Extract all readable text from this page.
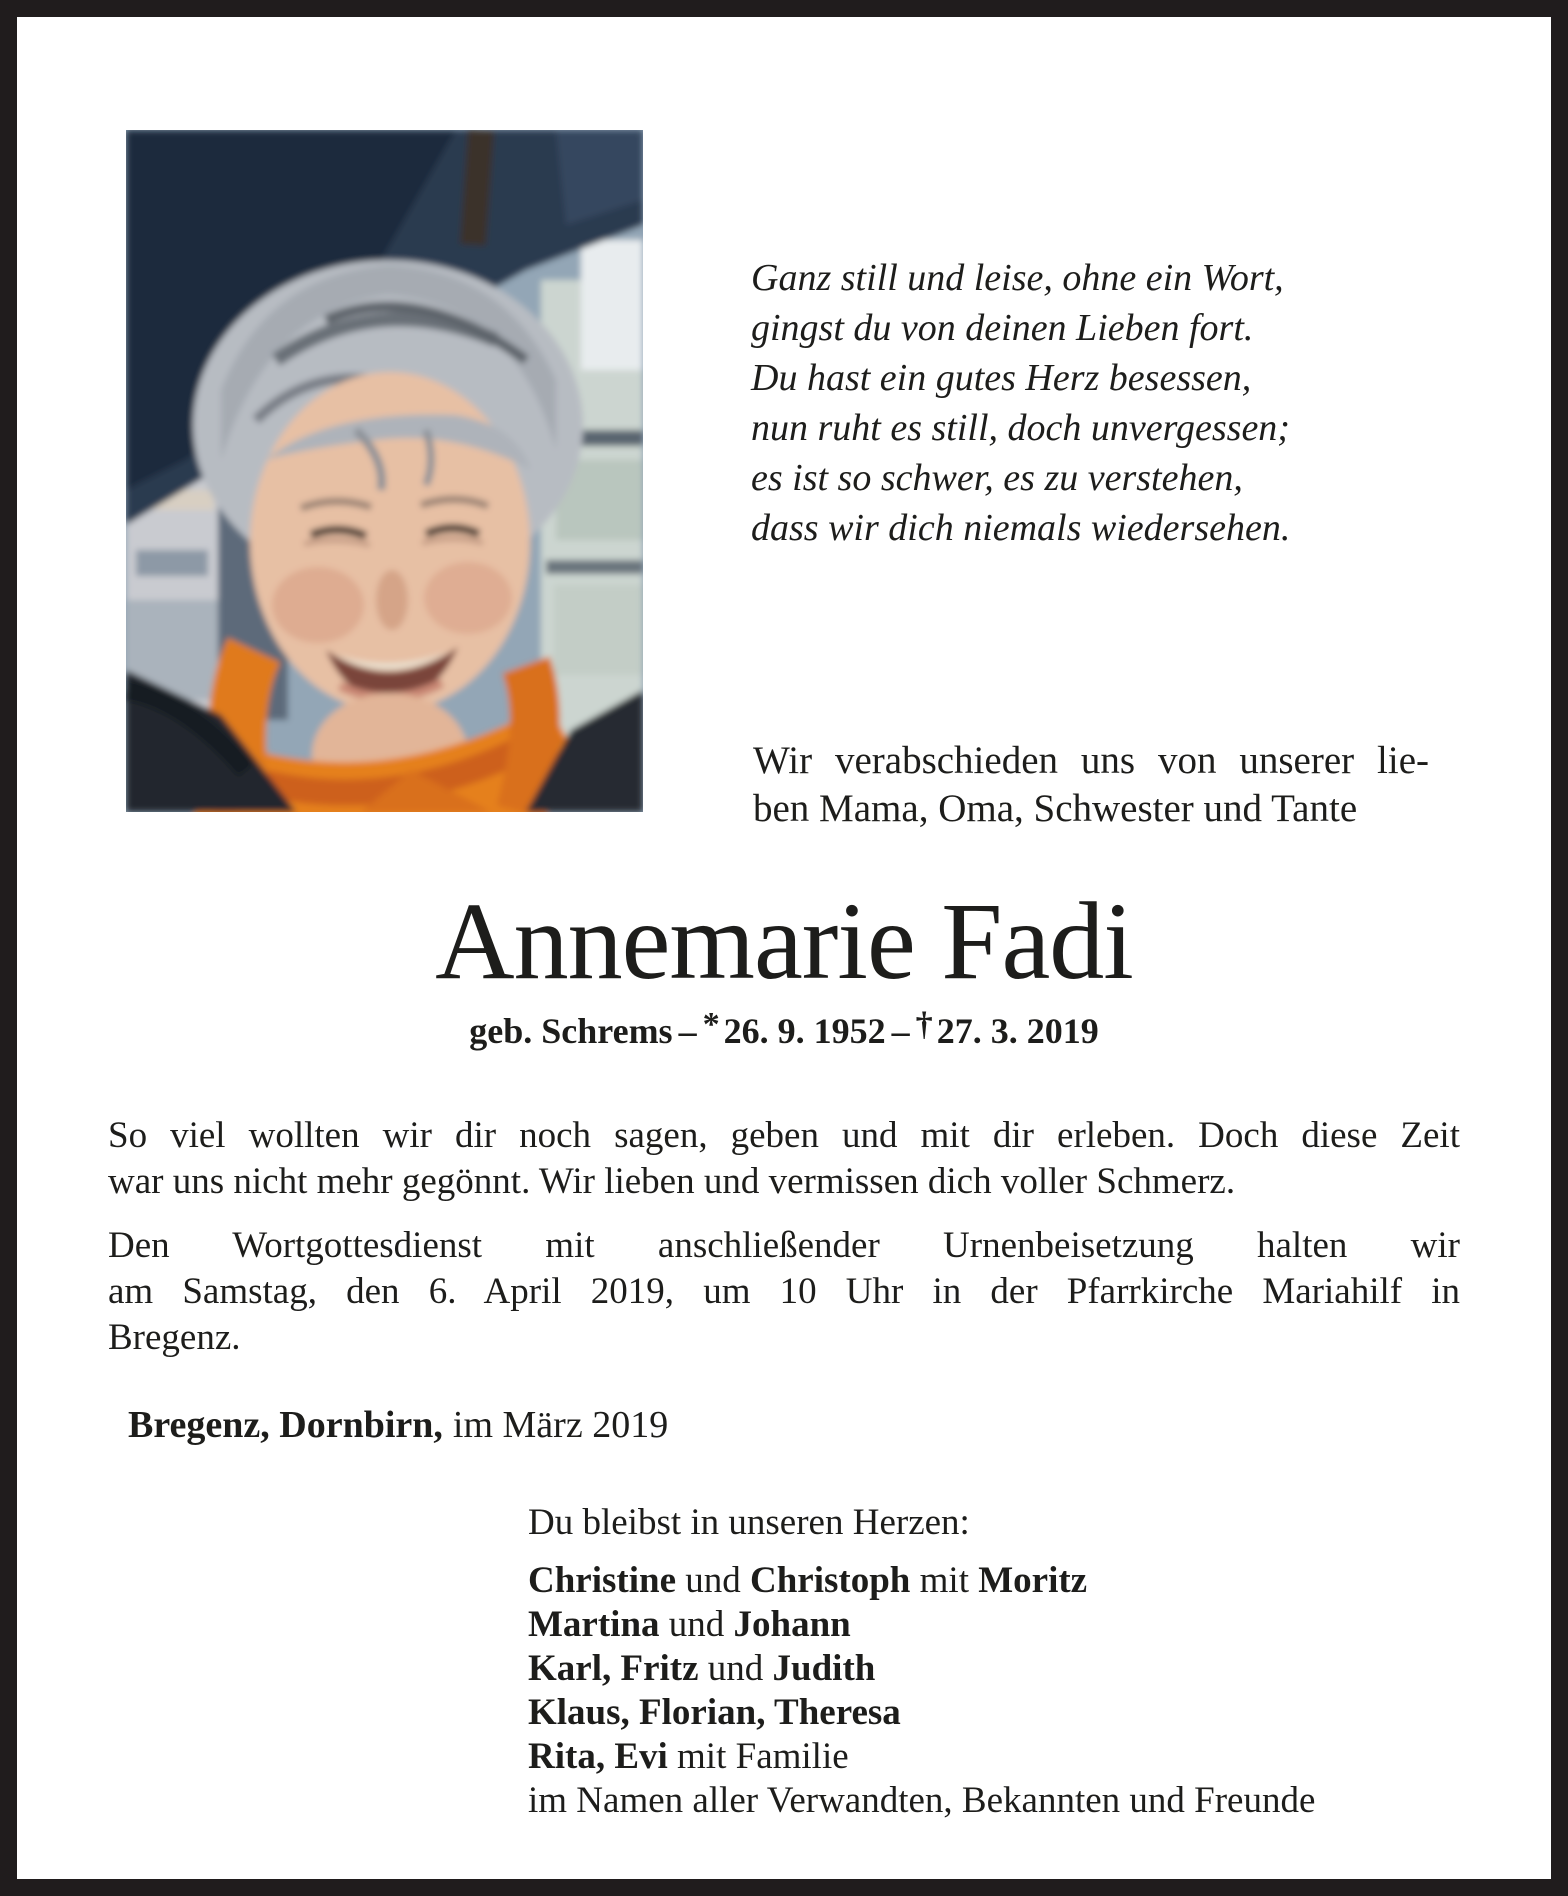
Ganz still und leise, ohne ein Wort,
gingst du von deinen Lieben fort.
Du hast ein gutes Herz besessen,
nun ruht es still, doch unvergessen;
es ist so schwer, es zu verstehen,
dass wir dich niemals wiedersehen.
Wir verabschieden uns von unserer lie-
ben Mama, Oma, Schwester und Tante
Annemarie Fadi
geb. Schrems – * 26. 9. 1952 – † 27. 3. 2019
So viel wollten wir dir noch sagen, geben und mit dir erleben. Doch diese Zeit
war uns nicht mehr gegönnt. Wir lieben und vermissen dich voller Schmerz.
Den Wortgottesdienst mit anschließender Urnenbeisetzung halten wir
am Samstag, den 6. April 2019, um 10 Uhr in der Pfarrkirche Mariahilf in
Bregenz.
Bregenz, Dornbirn, im März 2019
Du bleibst in unseren Herzen:
Christine und Christoph mit Moritz
Martina und Johann
Karl, Fritz und Judith
Klaus, Florian, Theresa
Rita, Evi mit Familie
im Namen aller Verwandten, Bekannten und Freunde
